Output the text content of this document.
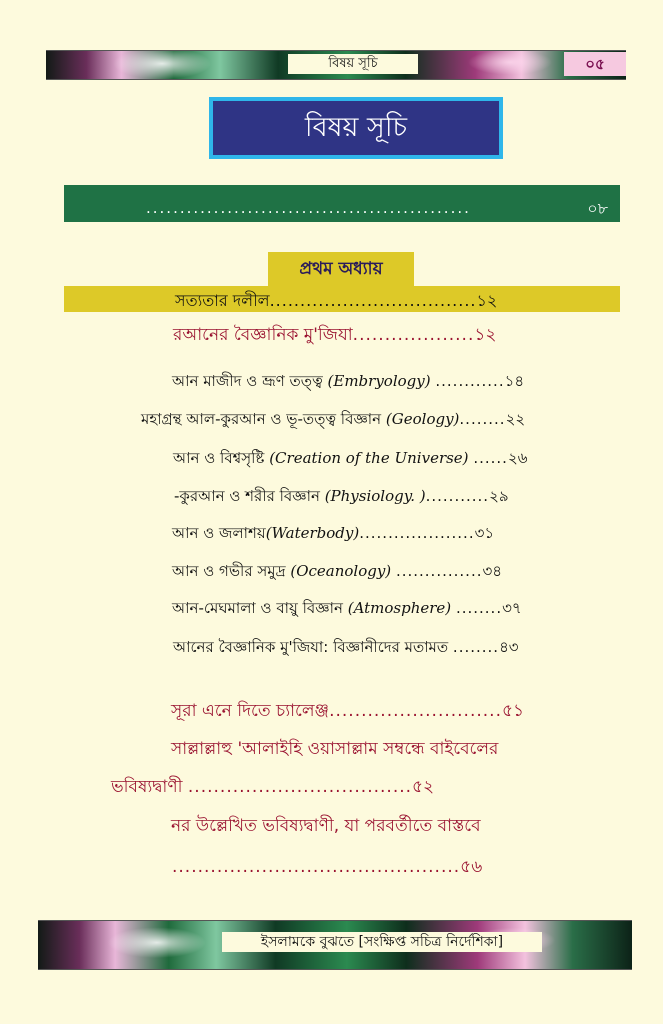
বিষয় সূচি	০৫
বিষয় সূচি
................................................	০৮
প্রথম অধ্যায়
সত্যতার দলীল..................................১২
রআনের বৈজ্ঞানিক মু'জিযা...................১২
আন মাজীদ ও ভ্রূণ তত্ত্ব (Embryology) ............১৪
মহাগ্রন্থ আল-কুরআন ও ভূ-তত্ত্ব বিজ্ঞান (Geology)........২২
আন ও বিশ্বসৃষ্টি (Creation of the Universe) ......২৬
-কুরআন ও শরীর বিজ্ঞান (Physiology. )...........২৯
আন ও জলাশয়(Waterbody)....................৩১
আন ও গভীর সমুদ্র (Oceanology) ...............৩৪
আন-মেঘমালা ও বায়ু বিজ্ঞান (Atmosphere) ........৩৭
আনের বৈজ্ঞানিক মু'জিযা: বিজ্ঞানীদের মতামত ........৪৩
সূরা এনে দিতে চ্যালেঞ্জ...........................৫১
সাল্লাল্লাহু 'আলাইহি ওয়াসাল্লাম সম্বন্ধে বাইবেলের
ভবিষ্যদ্বাণী ...................................৫২
নর উল্লেখিত ভবিষ্যদ্বাণী, যা পরবর্তীতে বাস্তবে
.............................................৫৬
ইসলামকে বুঝতে [সংক্ষিপ্ত সচিত্র নির্দেশিকা]
